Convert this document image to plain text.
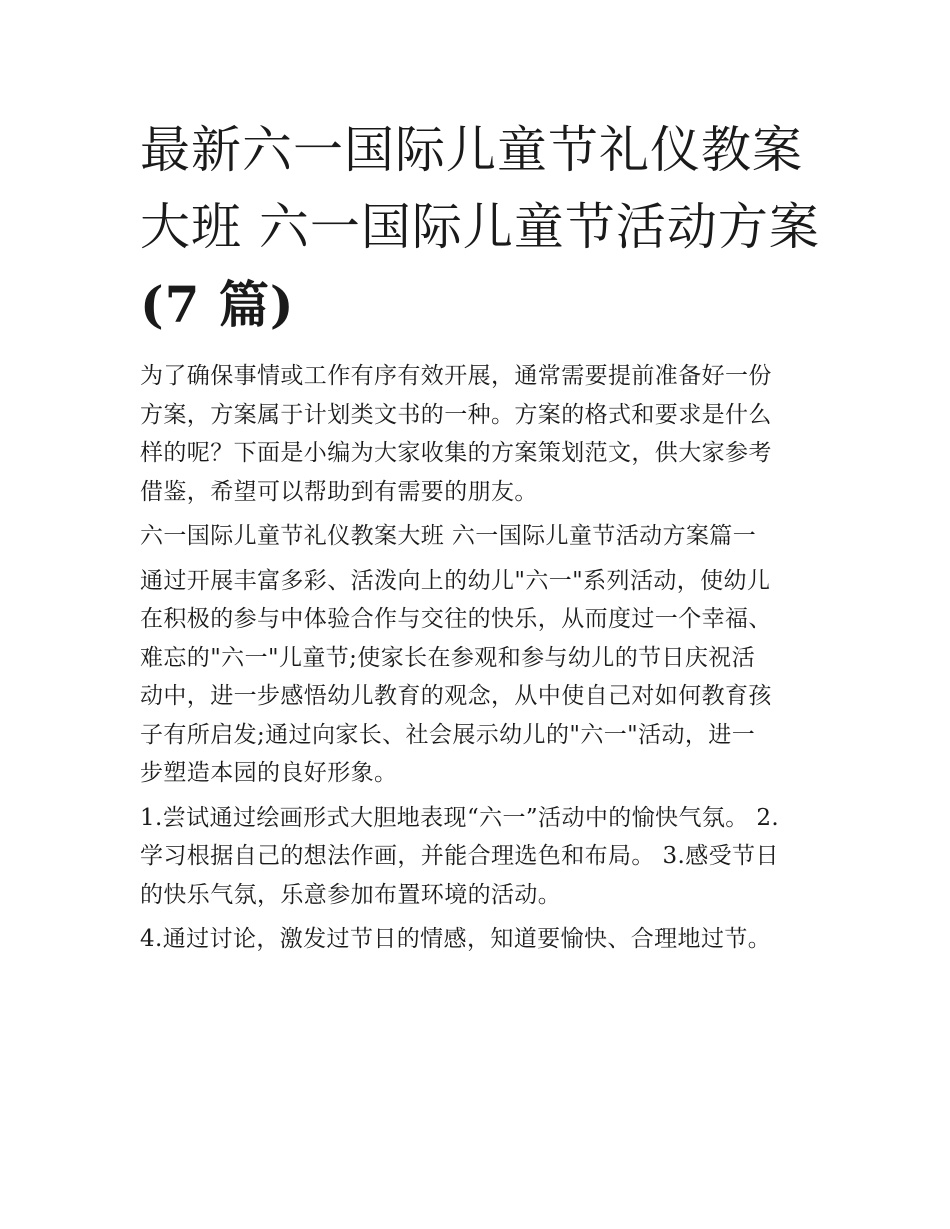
最新六一国际儿童节礼仪教案
大班 六一国际儿童节活动方案
(7 篇)
为了确保事情或工作有序有效开展，通常需要提前准备好一份
方案，方案属于计划类文书的一种。方案的格式和要求是什么
样的呢？下面是小编为大家收集的方案策划范文，供大家参考
借鉴，希望可以帮助到有需要的朋友。
六一国际儿童节礼仪教案大班 六一国际儿童节活动方案篇一
通过开展丰富多彩、活泼向上的幼儿"六一"系列活动，使幼儿
在积极的参与中体验合作与交往的快乐，从而度过一个幸福、
难忘的"六一"儿童节;使家长在参观和参与幼儿的节日庆祝活
动中，进一步感悟幼儿教育的观念，从中使自己对如何教育孩
子有所启发;通过向家长、社会展示幼儿的"六一"活动，进一
步塑造本园的良好形象。
1.尝试通过绘画形式大胆地表现“六一”活动中的愉快气氛。 2.
学习根据自己的想法作画，并能合理选色和布局。 3.感受节日
的快乐气氛，乐意参加布置环境的活动。
4.通过讨论，激发过节日的情感，知道要愉快、合理地过节。
